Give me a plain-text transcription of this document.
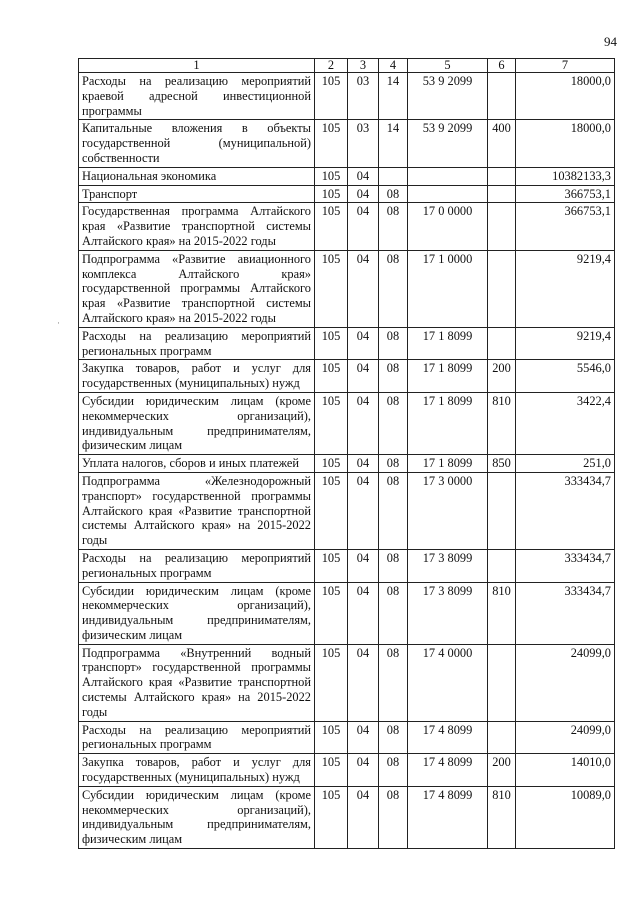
94
·
1	2	3	4	5	6	7
Расходы на реализацию мероприятий краевой адресной инвестиционной программы	105	03	14	53 9 2099		18000,0
Капитальные вложения в объекты государственной (муниципальной) собственности	105	03	14	53 9 2099	400	18000,0
Национальная экономика	105	04				10382133,3
Транспорт	105	04	08			366753,1
Государственная программа Алтайского края «Развитие транспортной системы Алтайского края» на 2015-2022 годы	105	04	08	17 0 0000		366753,1
Подпрограмма «Развитие авиационного комплекса Алтайского края» государственной программы Алтайского края «Развитие транспортной системы Алтайского края» на 2015-2022 годы	105	04	08	17 1 0000		9219,4
Расходы на реализацию мероприятий региональных программ	105	04	08	17 1 8099		9219,4
Закупка товаров, работ и услуг для государственных (муниципальных) нужд	105	04	08	17 1 8099	200	5546,0
Субсидии юридическим лицам (кроме некоммерческих организаций), индивидуальным предпринимателям, физическим лицам	105	04	08	17 1 8099	810	3422,4
Уплата налогов, сборов и иных платежей	105	04	08	17 1 8099	850	251,0
Подпрограмма «Железнодорожный транспорт» государственной программы Алтайского края «Развитие транспортной системы Алтайского края» на 2015-2022 годы	105	04	08	17 3 0000		333434,7
Расходы на реализацию мероприятий региональных программ	105	04	08	17 3 8099		333434,7
Субсидии юридическим лицам (кроме некоммерческих организаций), индивидуальным предпринимателям, физическим лицам	105	04	08	17 3 8099	810	333434,7
Подпрограмма «Внутренний водный транспорт» государственной программы Алтайского края «Развитие транспортной системы Алтайского края» на 2015-2022 годы	105	04	08	17 4 0000		24099,0
Расходы на реализацию мероприятий региональных программ	105	04	08	17 4 8099		24099,0
Закупка товаров, работ и услуг для государственных (муниципальных) нужд	105	04	08	17 4 8099	200	14010,0
Субсидии юридическим лицам (кроме некоммерческих организаций), индивидуальным предпринимателям, физическим лицам	105	04	08	17 4 8099	810	10089,0
